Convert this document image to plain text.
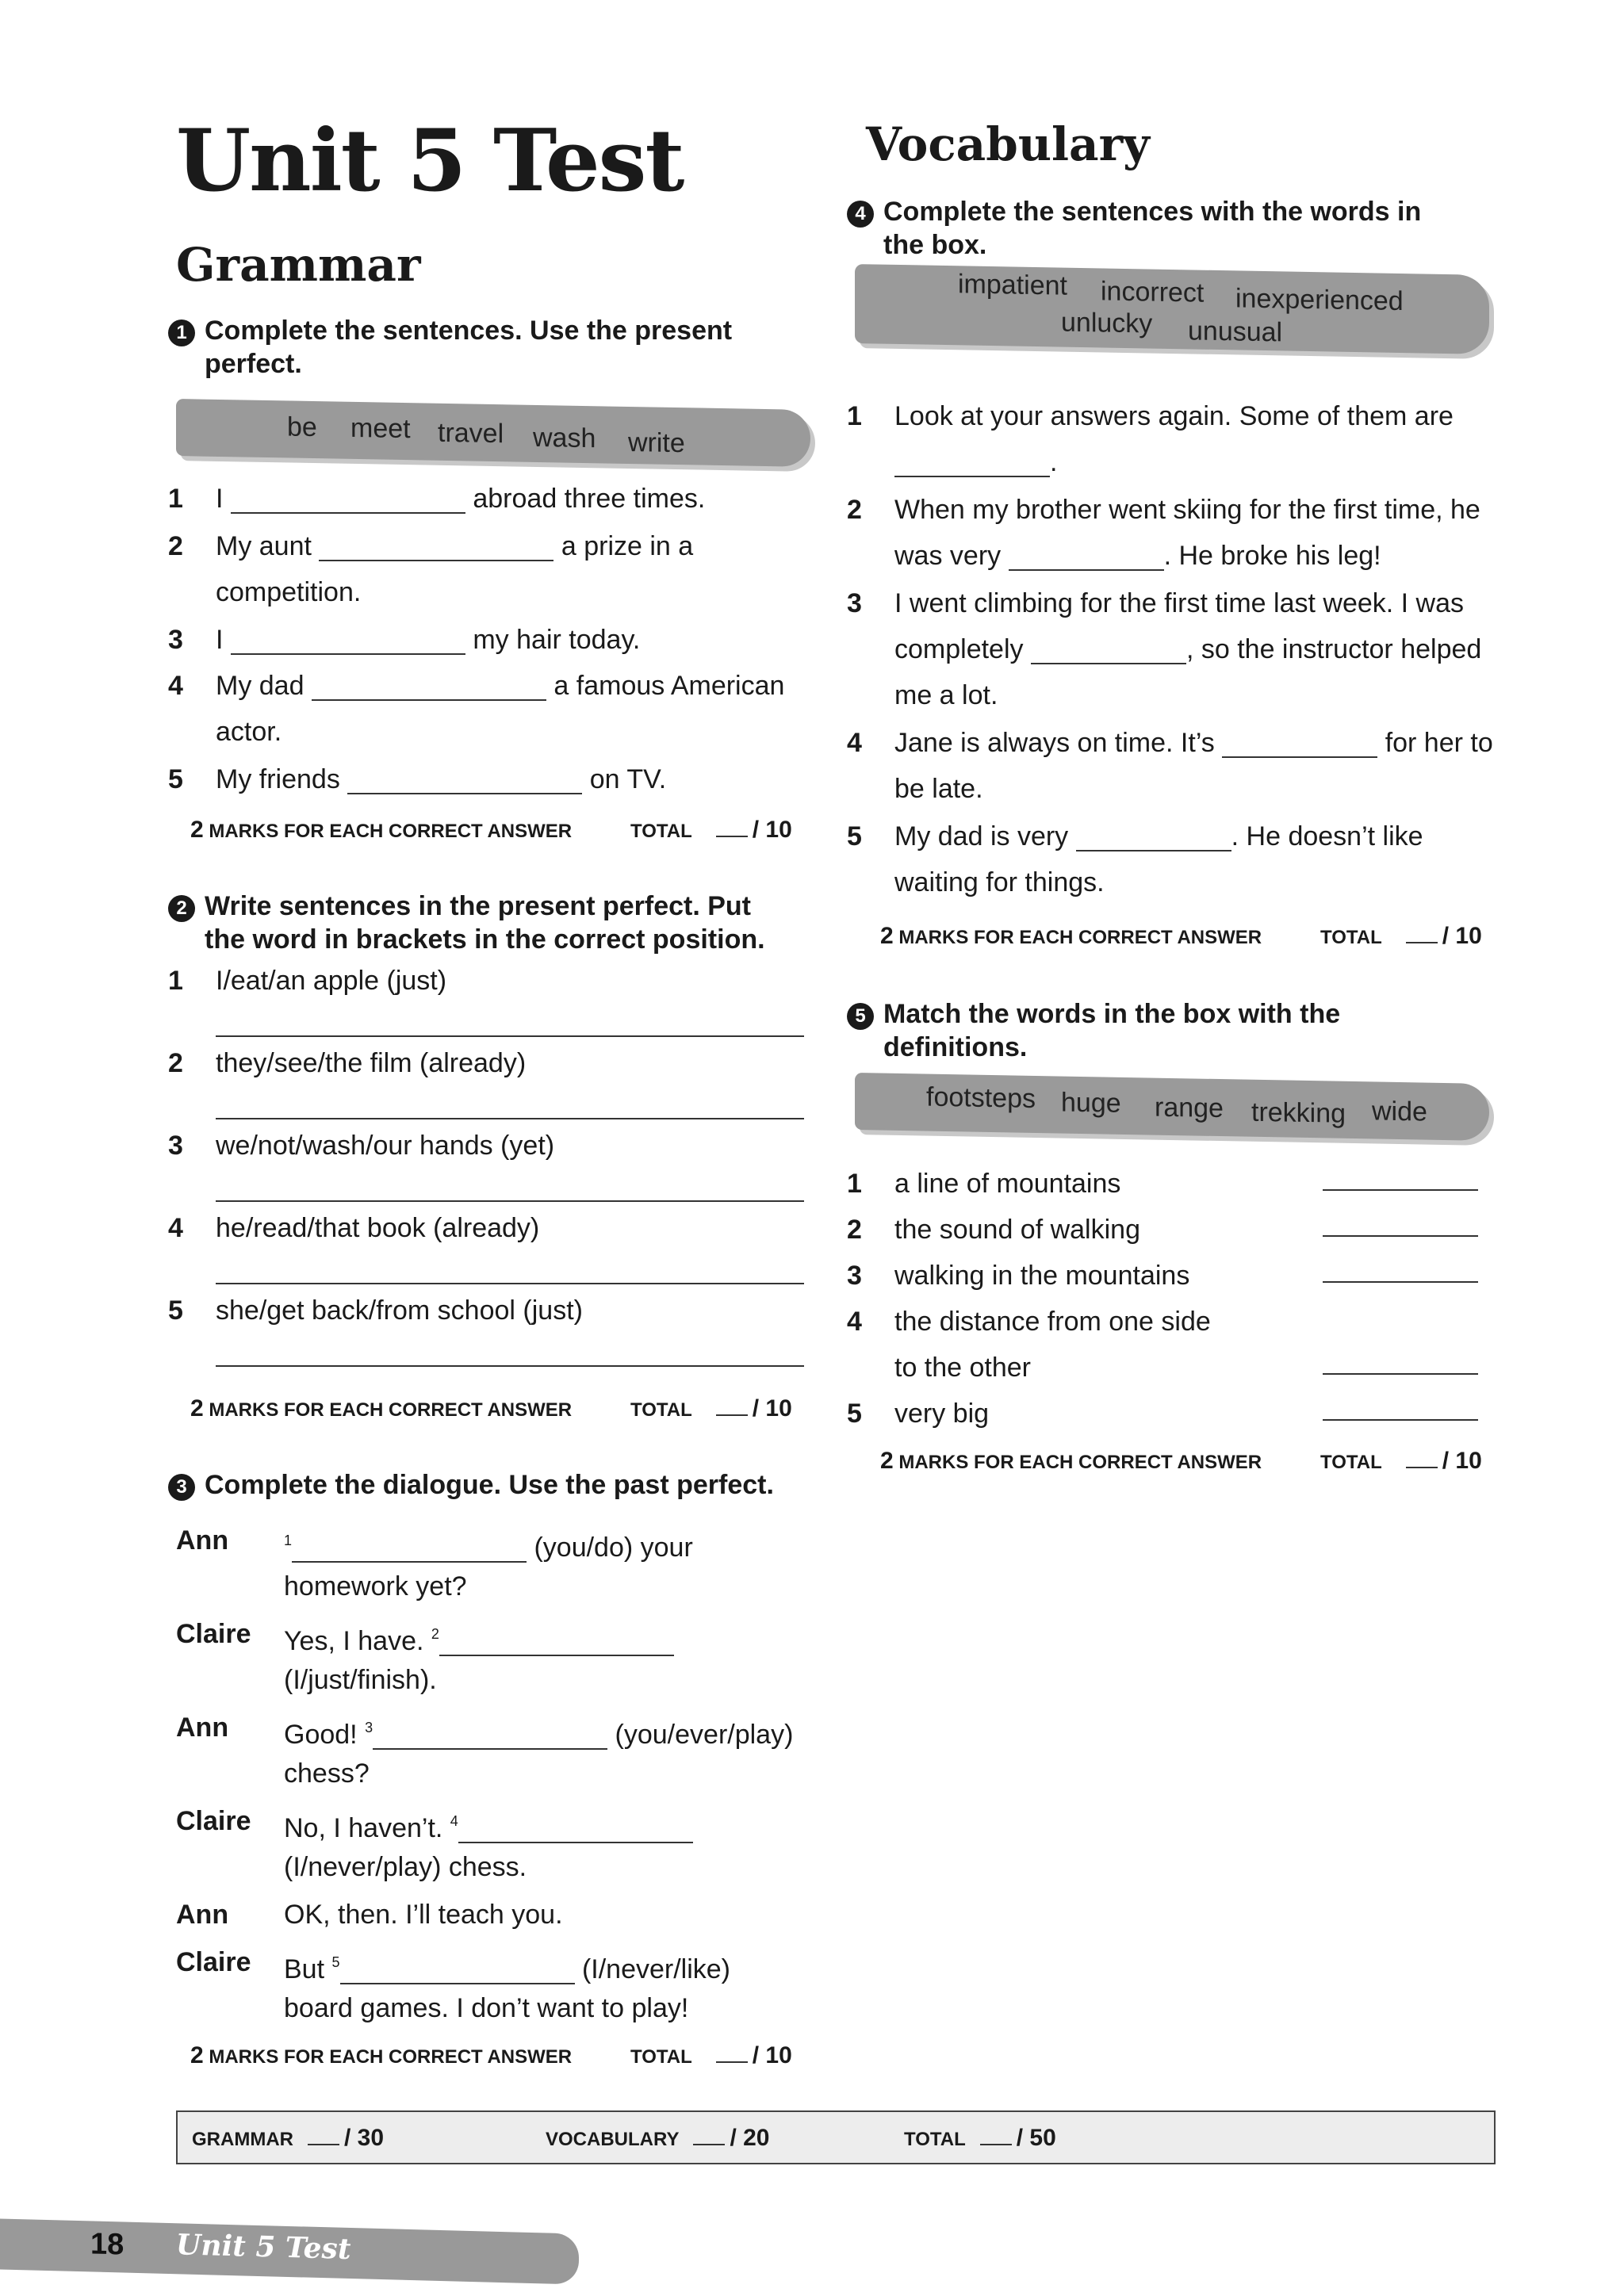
Unit 5 Test
Grammar
1 Complete the sentences. Use the present
perfect.
be meet travel wash write
1 I	abroad three times.
2 My aunt	a prize in a
competition.
3 I	my hair today.
4 My dad	a famous American
actor.
5 My friends	on TV.
2 MARKS FOR EACH CORRECT ANSWER	TOTAL	/ 10
2 Write sentences in the present perfect. Put
the word in brackets in the correct position.
1 I/eat/an apple (just)
2 they/see/the film (already)
3 we/not/wash/our hands (yet)
4 he/read/that book (already)
5 she/get back/from school (just)
2 MARKS FOR EACH CORRECT ANSWER	TOTAL	/ 10
3 Complete the dialogue. Use the past perfect.
Ann	$^1$	(you/do) your
homework yet?
Claire Yes, I have. $^2$
(I/just/finish).
Ann Good! $^3$	(you/ever/play)
chess?
Claire No, I haven’t. $^4$
(I/never/play) chess.
Ann OK, then. I’ll teach you.
Claire But $^5$	(I/never/like)
board games. I don’t want to play!
2 MARKS FOR EACH CORRECT ANSWER	TOTAL	/ 10
Vocabulary
4 Complete the sentences with the words in
the box.
impatient incorrect inexperienced
unlucky unusual
1 Look at your answers again. Some of them are
.
2 When my brother went skiing for the first time, he
was very	. He broke his leg!
3 I went climbing for the first time last week. I was
completely	, so the instructor helped
me a lot.
4 Jane is always on time. It’s	for her to
be late.
5 My dad is very	. He doesn’t like
waiting for things.
2 MARKS FOR EACH CORRECT ANSWER	TOTAL	/ 10
5 Match the words in the box with the
definitions.
footsteps huge range trekking wide
1 a line of mountains
2 the sound of walking
3 walking in the mountains
4 the distance from one side
to the other
5 very big
2 MARKS FOR EACH CORRECT ANSWER	TOTAL	/ 10
GRAMMAR / 30	VOCABULARY / 20	TOTAL / 50
18 Unit 5 Test
